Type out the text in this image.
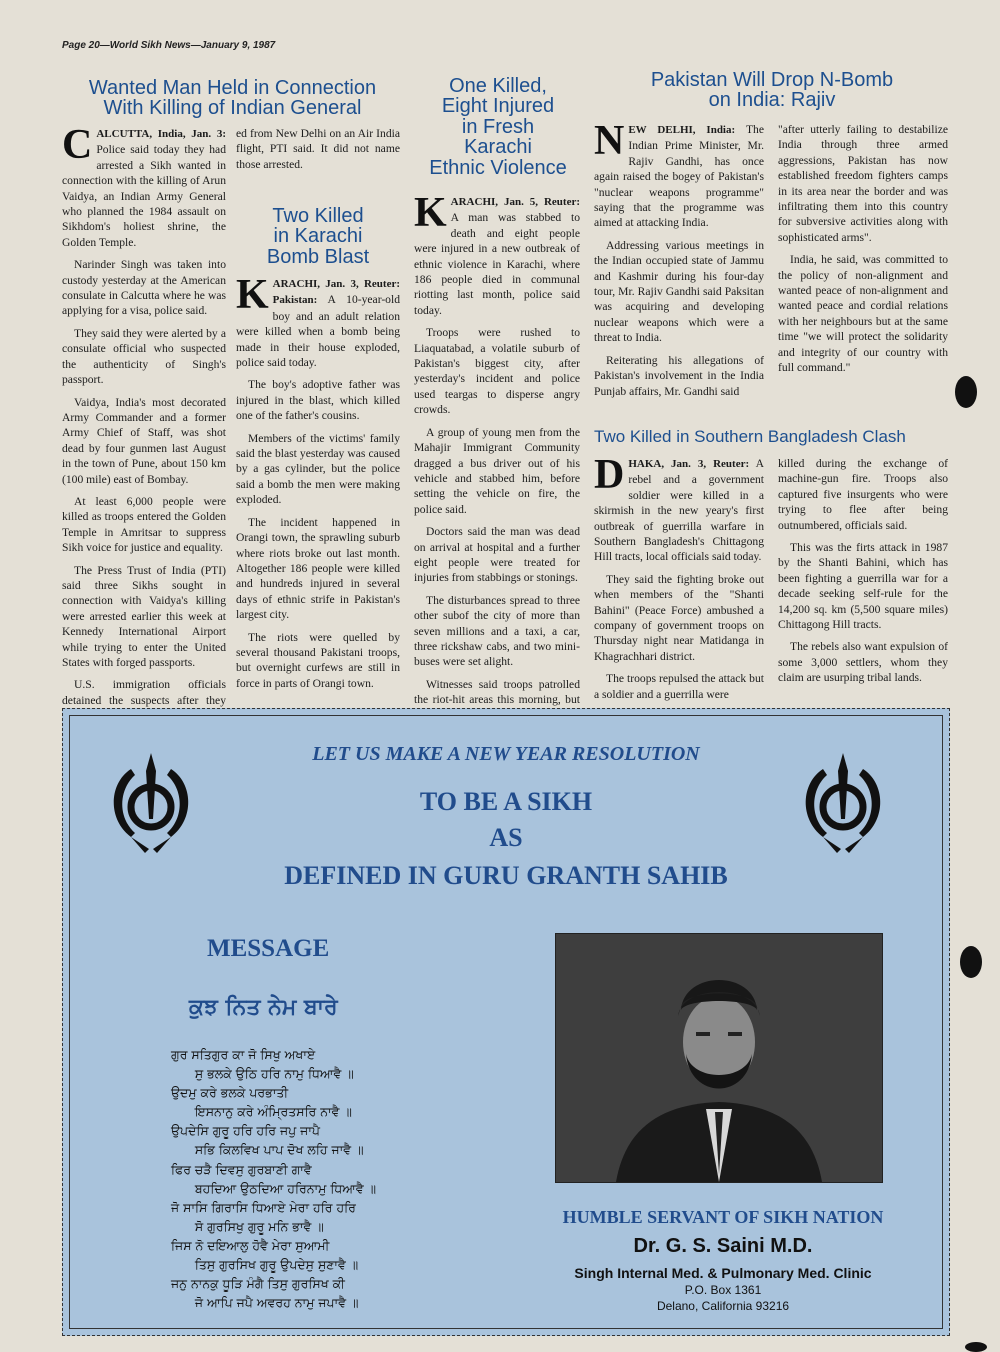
Page 20—World Sikh News—January 9, 1987
Wanted Man Held in Connection
With Killing of Indian General

CALCUTTA, India, Jan. 3: Police said today they had arrested a Sikh wanted in connection with the killing of Arun Vaidya, an Indian Army General who planned the 1984 assault on Sikhdom's holiest shrine, the Golden Temple.

Narinder Singh was taken into custody yesterday at the American consulate in Calcutta where he was applying for a visa, police said.

They said they were alerted by a consulate official who suspected the authenticity of Singh's passport.

Vaidya, India's most decorated Army Commander and a former Army Chief of Staff, was shot dead by four gunmen last August in the town of Pune, about 150 km (100 mile) east of Bombay.

At least 6,000 people were killed as troops entered the Golden Temple in Amritsar to suppress Sikh voice for justice and equality.

The Press Trust of India (PTI) said three Sikhs sought in connection with Vaidya's killing were arrested earlier this week at Kennedy International Airport while trying to enter the United States with forged passports.

U.S. immigration officials detained the suspects after they

ed from New Delhi on an Air India flight, PTI said. It did not name those arrested.

Two Killed
in Karachi
Bomb Blast

KARACHI, Jan. 3, Reuter: Pakistan: A 10-year-old boy and an adult relation were killed when a bomb being made in their house exploded, police said today.

The boy's adoptive father was injured in the blast, which killed one of the father's cousins.

Members of the victims' family said the blast yesterday was caused by a gas cylinder, but the police said a bomb the men were making exploded.

The incident happened in Orangi town, the sprawling suburb where riots broke out last month. Altogether 186 people were killed and hundreds injured in several days of ethnic strife in Pakistan's largest city.

The riots were quelled by several thousand Pakistani troops, but overnight curfews are still in force in parts of Orangi town.

One Killed,
Eight Injured
in Fresh
Karachi
Ethnic Violence

KARACHI, Jan. 5, Reuter: A man was stabbed to death and eight people were injured in a new outbreak of ethnic violence in Karachi, where 186 people died in communal riotting last month, police said today.

Troops were rushed to Liaquatabad, a volatile suburb of Pakistan's biggest city, after yesterday's incident and police used teargas to disperse angry crowds.

A group of young men from the Mahajir Immigrant Community dragged a bus driver out of his vehicle and stabbed him, before setting the vehicle on fire, the police said.

Doctors said the man was dead on arrival at hospital and a further eight people were treated for injuries from stabbings or stonings.

The disturbances spread to three other subof the city of more than seven millions and a taxi, a car, three rickshaw cabs, and two mini-buses were set alight.

Witnesses said troops patrolled the riot-hit areas this morning, but

Pakistan Will Drop N-Bomb
on India: Rajiv

NEW DELHI, India: The Indian Prime Minister, Mr. Rajiv Gandhi, has once again raised the bogey of Pakistan's "nuclear weapons programme" saying that the programme was aimed at attacking India.

Addressing various meetings in the Indian occupied state of Jammu and Kashmir during his four-day tour, Mr. Rajiv Gandhi said Paksitan was acquiring and developing nuclear weapons which were a threat to India.

Reiterating his allegations of Pakistan's involvement in the India Punjab affairs, Mr. Gandhi said

"after utterly failing to destabilize India through three armed aggressions, Pakistan has now established freedom fighters camps in its area near the border and was infiltrating them into this country for subversive activities along with sophisticated arms".

India, he said, was committed to the policy of non-alignment and wanted peace of non-alignment and wanted peace and cordial relations with her neighbours but at the same time "we will protect the solidarity and integrity of our country with full command."

Two Killed in Southern Bangladesh Clash

DHAKA, Jan. 3, Reuter: A rebel and a government soldier were killed in a skirmish in the new yeary's first outbreak of guerrilla warfare in Southern Bangladesh's Chittagong Hill tracts, local officials said today.

They said the fighting broke out when members of the "Shanti Bahini" (Peace Force) ambushed a company of government troops on Thursday night near Matidanga in Khagrachhari district.

The troops repulsed the attack but a soldier and a guerrilla were

killed during the exchange of machine-gun fire. Troops also captured five insurgents who were trying to flee after being outnumbered, officials said.

This was the firts attack in 1987 by the Shanti Bahini, which has been fighting a guerrilla war for a decade seeking self-rule for the 14,200 sq. km (5,500 square miles) Chittagong Hill tracts.

The rebels also want expulsion of some 3,000 settlers, whom they claim are usurping tribal lands.

LET US MAKE A NEW YEAR RESOLUTION
TO BE A SIKH
AS
DEFINED IN GURU GRANTH SAHIB
MESSAGE
ਕੁਝ ਨਿਤ ਨੇਮ ਬਾਰੇ
ਗੁਰ ਸਤਿਗੁਰ ਕਾ ਜੋ ਸਿਖੁ ਅਖਾਏ
ਸੁ ਭਲਕੇ ਉਠਿ ਹਰਿ ਨਾਮੁ ਧਿਆਵੈ ॥
ਉਦਮੁ ਕਰੇ ਭਲਕੇ ਪਰਭਾਤੀ
ਇਸਨਾਨੁ ਕਰੇ ਅੰਮ੍ਰਿਤਸਰਿ ਨਾਵੈ ॥
ਉਪਦੇਸਿ ਗੁਰੂ ਹਰਿ ਹਰਿ ਜਪੁ ਜਾਪੈ
ਸਭਿ ਕਿਲਵਿਖ ਪਾਪ ਦੋਖ ਲਹਿ ਜਾਵੈ ॥
ਫਿਰ ਚੜੈ ਦਿਵਸੁ ਗੁਰਬਾਣੀ ਗਾਵੈ
ਬਹਦਿਆ ਉਠਦਿਆ ਹਰਿਨਾਮੁ ਧਿਆਵੈ ॥
ਜੋ ਸਾਸਿ ਗਿਰਾਸਿ ਧਿਆਏ ਮੇਰਾ ਹਰਿ ਹਰਿ
ਸੋ ਗੁਰਸਿਖੁ ਗੁਰੂ ਮਨਿ ਭਾਵੈ ॥
ਜਿਸ ਨੋ ਦਇਆਲੁ ਹੋਵੈ ਮੇਰਾ ਸੁਆਮੀ
ਤਿਸੁ ਗੁਰਸਿਖ ਗੁਰੂ ਉਪਦੇਸੁ ਸੁਣਾਵੈ ॥
ਜਨੁ ਨਾਨਕੁ ਧੂੜਿ ਮੰਗੈ ਤਿਸੁ ਗੁਰਸਿਖ ਕੀ
ਜੋ ਆਪਿ ਜਪੈ ਅਵਰਹ ਨਾਮੁ ਜਪਾਵੈ ॥
HUMBLE SERVANT OF SIKH NATION
Dr. G. S. Saini M.D.
Singh Internal Med. & Pulmonary Med. Clinic
P.O. Box 1361
Delano, California 93216
